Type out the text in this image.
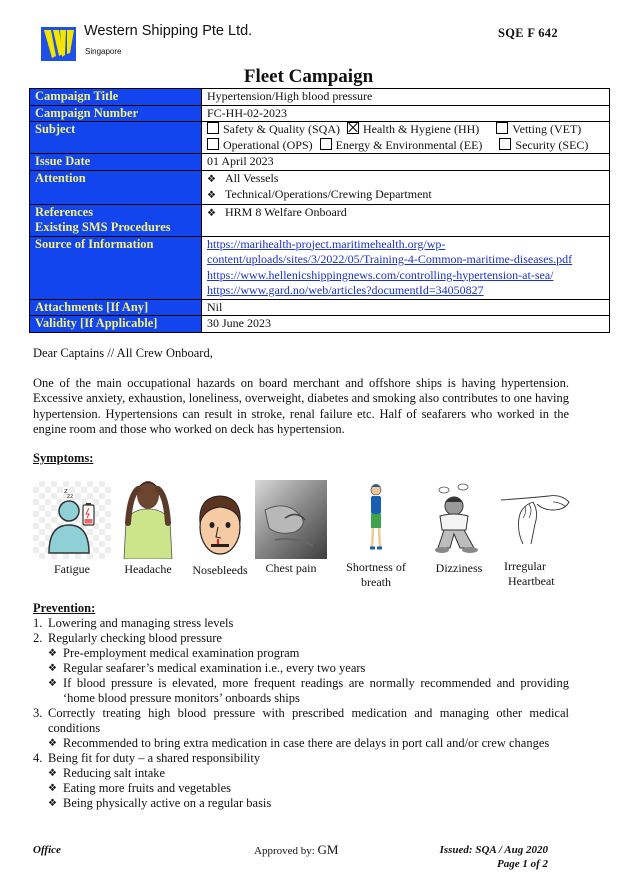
Western Shipping Pte Ltd.
Singapore
SQE F 642
Fleet Campaign
Campaign Title	Hypertension/High blood pressure
Campaign Number	FC-HH-02-2023
Subject	Safety & Quality (SQA) Health & Hygiene (HH) Vetting (VET)
Operational (OPS) Energy & Environmental (EE) Security (SEC)

Issue Date	01 April 2023
Attention	❖ All Vessels
❖ Technical/Operations/Crewing Department

References
Existing SMS Procedures	❖ HRM 8 Welfare Onboard

Source of Information	https://marihealth-project.maritimehealth.org/wp-
content/uploads/sites/3/2022/05/Training-4-Common-maritime-diseases.pdf
https://www.hellenicshippingnews.com/controlling-hypertension-at-sea/
https://www.gard.no/web/articles?documentId=34050827

Attachments [If Any]	Nil
Validity [If Applicable]	30 June 2023
Dear Captains // All Crew Onboard,
One of the main occupational hazards on board merchant and offshore ships is having hypertension. Excessive anxiety, exhaustion, loneliness, overweight, diabetes and smoking also contributes to one having hypertension. Hypertensions can result in stroke, renal failure etc. Half of seafarers who worked in the engine room and those who worked on deck has hypertension.
Symptoms:
z
zz
Fatigue	Headache	Nosebleeds	Chest pain	Shortness of
breath
Dizziness	Irregular
Heartbeat
Prevention:
1. Lowering and managing stress levels
2. Regularly checking blood pressure
❖ Pre-employment medical examination program
❖ Regular seafarer’s medical examination i.e., every two years
❖ If blood pressure is elevated, more frequent readings are normally recommended and providing ‘home blood pressure monitors’ onboards ships
3. Correctly treating high blood pressure with prescribed medication and managing other medical conditions
❖ Recommended to bring extra medication in case there are delays in port call and/or crew changes
4. Being fit for duty – a shared responsibility
❖ Reducing salt intake
❖ Eating more fruits and vegetables
❖ Being physically active on a regular basis
Office	Approved by: GM	Issued: SQA / Aug 2020
Page 1 of 2
